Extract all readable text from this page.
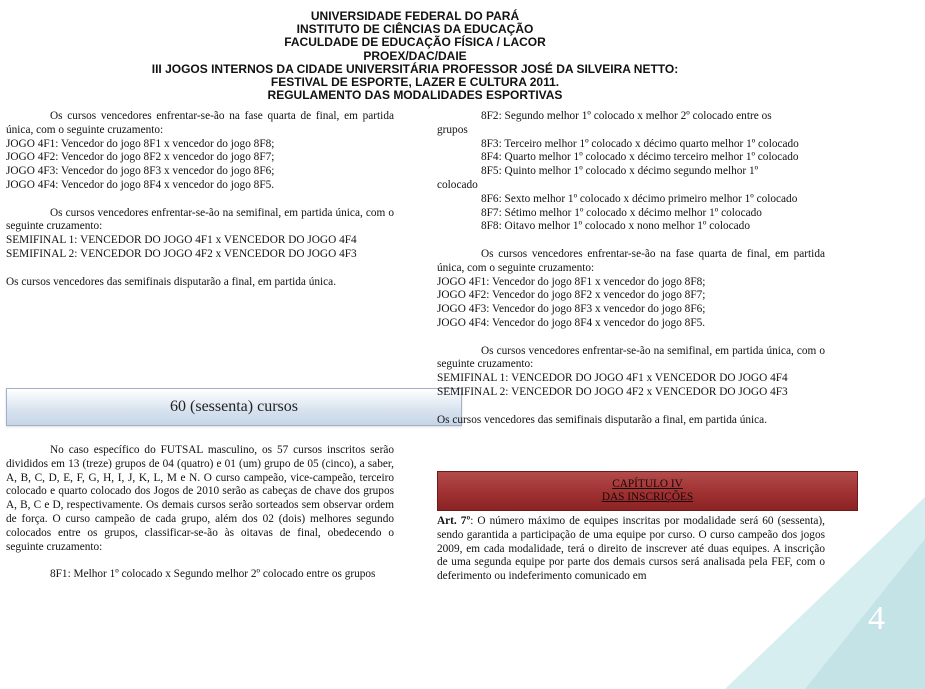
UNIVERSIDADE FEDERAL DO PARÁ
INSTITUTO DE CIÊNCIAS DA EDUCAÇÃO
FACULDADE DE EDUCAÇÃO FÍSICA / LACOR
PROEX/DAC/DAIE
III JOGOS INTERNOS DA CIDADE UNIVERSITÁRIA PROFESSOR JOSÉ DA SILVEIRA NETTO:
FESTIVAL DE ESPORTE, LAZER E CULTURA 2011.
REGULAMENTO DAS MODALIDADES ESPORTIVAS

Os cursos vencedores enfrentar-se-ão na fase quarta de final, em partida única, com o seguinte cruzamento:

JOGO 4F1: Vencedor do jogo 8F1 x vencedor do jogo 8F8;

JOGO 4F2: Vencedor do jogo 8F2 x vencedor do jogo 8F7;

JOGO 4F3: Vencedor do jogo 8F3 x vencedor do jogo 8F6;

JOGO 4F4: Vencedor do jogo 8F4 x vencedor do jogo 8F5.

Os cursos vencedores enfrentar-se-ão na semifinal, em partida única, com o seguinte cruzamento:

SEMIFINAL 1: VENCEDOR DO JOGO 4F1 x VENCEDOR DO JOGO 4F4

SEMIFINAL 2: VENCEDOR DO JOGO 4F2 x VENCEDOR DO JOGO 4F3

Os cursos vencedores das semifinais disputarão a final, em partida única.

60 (sessenta) cursos

No caso específico do FUTSAL masculino, os 57 cursos inscritos serão divididos em 13 (treze) grupos de 04 (quatro) e 01 (um) grupo de 05 (cinco), a saber, A, B, C, D, E, F, G, H, I, J, K, L, M e N. O curso campeão, vice-campeão, terceiro colocado e quarto colocado dos Jogos de 2010 serão as cabeças de chave dos grupos A, B, C e D, respectivamente. Os demais cursos serão sorteados sem observar ordem de força. O curso campeão de cada grupo, além dos 02 (dois) melhores segundo colocados entre os grupos, classificar-se-ão às oitavas de final, obedecendo o seguinte cruzamento:

8F1: Melhor 1º colocado x Segundo melhor 2º colocado entre os grupos

8F2: Segundo melhor 1º colocado x melhor 2º colocado entre os

grupos

8F3: Terceiro melhor 1º colocado x décimo quarto melhor 1º colocado

8F4: Quarto melhor 1º colocado x décimo terceiro melhor 1º colocado

8F5: Quinto melhor 1º colocado x décimo segundo melhor 1º

colocado

8F6: Sexto melhor 1º colocado x décimo primeiro melhor 1º colocado

8F7: Sétimo melhor 1º colocado x décimo melhor 1º colocado

8F8: Oitavo melhor 1º colocado x nono melhor 1º colocado

Os cursos vencedores enfrentar-se-ão na fase quarta de final, em partida única, com o seguinte cruzamento:

JOGO 4F1: Vencedor do jogo 8F1 x vencedor do jogo 8F8;

JOGO 4F2: Vencedor do jogo 8F2 x vencedor do jogo 8F7;

JOGO 4F3: Vencedor do jogo 8F3 x vencedor do jogo 8F6;

JOGO 4F4: Vencedor do jogo 8F4 x vencedor do jogo 8F5.

Os cursos vencedores enfrentar-se-ão na semifinal, em partida única, com o seguinte cruzamento:

SEMIFINAL 1: VENCEDOR DO JOGO 4F1 x VENCEDOR DO JOGO 4F4

SEMIFINAL 2: VENCEDOR DO JOGO 4F2 x VENCEDOR DO JOGO 4F3

Os cursos vencedores das semifinais disputarão a final, em partida única.

CAPÍTULO IV
DAS INSCRIÇÕES

Art. 7º: O número máximo de equipes inscritas por modalidade será 60 (sessenta), sendo garantida a participação de uma equipe por curso. O curso campeão dos jogos 2009, em cada modalidade, terá o direito de inscrever até duas equipes. A inscrição de uma segunda equipe por parte dos demais cursos será analisada pela FEF, com o deferimento ou indeferimento comunicado em

4
